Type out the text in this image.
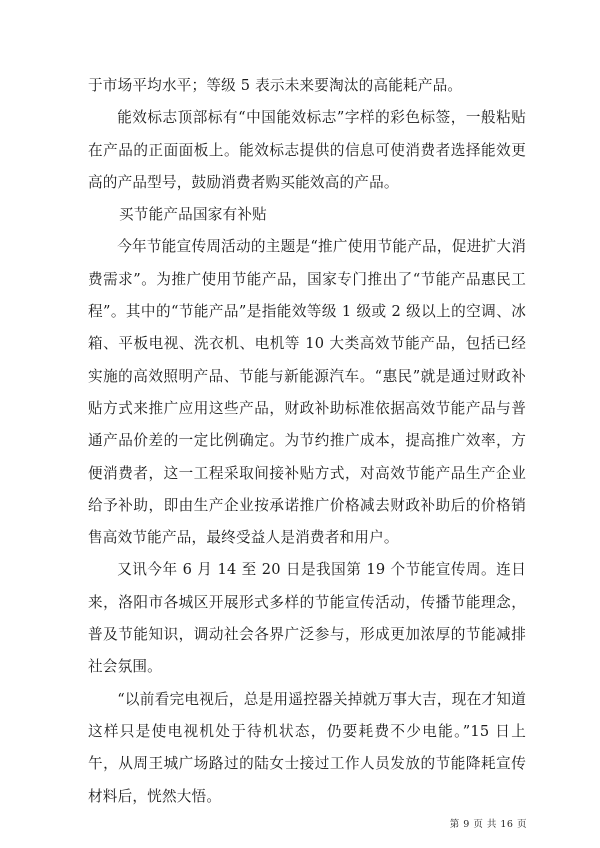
于市场平均水平；等级 5 表示未来要淘汰的高能耗产品。

能效标志顶部标有“中国能效标志”字样的彩色标签，一般粘贴在产品的正面面板上。能效标志提供的信息可使消费者选择能效更高的产品型号，鼓励消费者购买能效高的产品。

买节能产品国家有补贴

今年节能宣传周活动的主题是“推广使用节能产品，促进扩大消费需求”。为推广使用节能产品，国家专门推出了“节能产品惠民工程”。其中的“节能产品”是指能效等级 1 级或 2 级以上的空调、冰箱、平板电视、洗衣机、电机等 10 大类高效节能产品，包括已经实施的高效照明产品、节能与新能源汽车。“惠民”就是通过财政补贴方式来推广应用这些产品，财政补助标准依据高效节能产品与普通产品价差的一定比例确定。为节约推广成本，提高推广效率，方便消费者，这一工程采取间接补贴方式，对高效节能产品生产企业给予补助，即由生产企业按承诺推广价格减去财政补助后的价格销售高效节能产品，最终受益人是消费者和用户。

又讯今年 6 月 14 至 20 日是我国第 19 个节能宣传周。连日来，洛阳市各城区开展形式多样的节能宣传活动，传播节能理念，普及节能知识，调动社会各界广泛参与，形成更加浓厚的节能减排社会氛围。

“以前看完电视后，总是用遥控器关掉就万事大吉，现在才知道这样只是使电视机处于待机状态，仍要耗费不少电能。”15 日上午，从周王城广场路过的陆女士接过工作人员发放的节能降耗宣传材料后，恍然大悟。

第 9 页 共 16 页
